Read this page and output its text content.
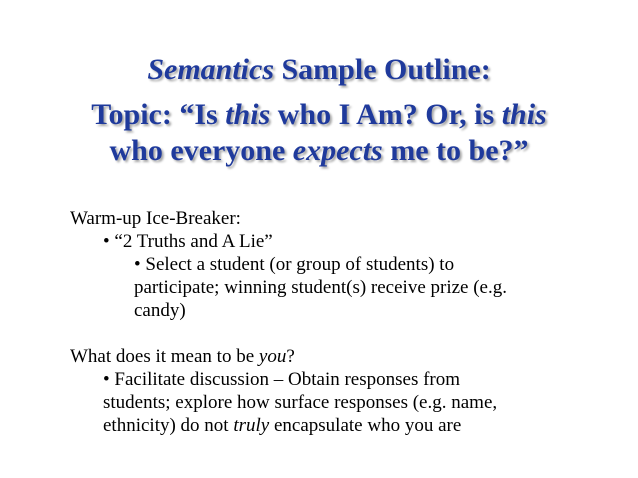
Semantics Sample Outline:

Topic: “Is this who I Am? Or, is this

who everyone expects me to be?”

Warm-up Ice-Breaker:

• “2 Truths and A Lie”

• Select a student (or group of students) to

participate; winning student(s) receive prize (e.g.

candy)

What does it mean to be you?

• Facilitate discussion – Obtain responses from

students; explore how surface responses (e.g. name,

ethnicity) do not truly encapsulate who you are
